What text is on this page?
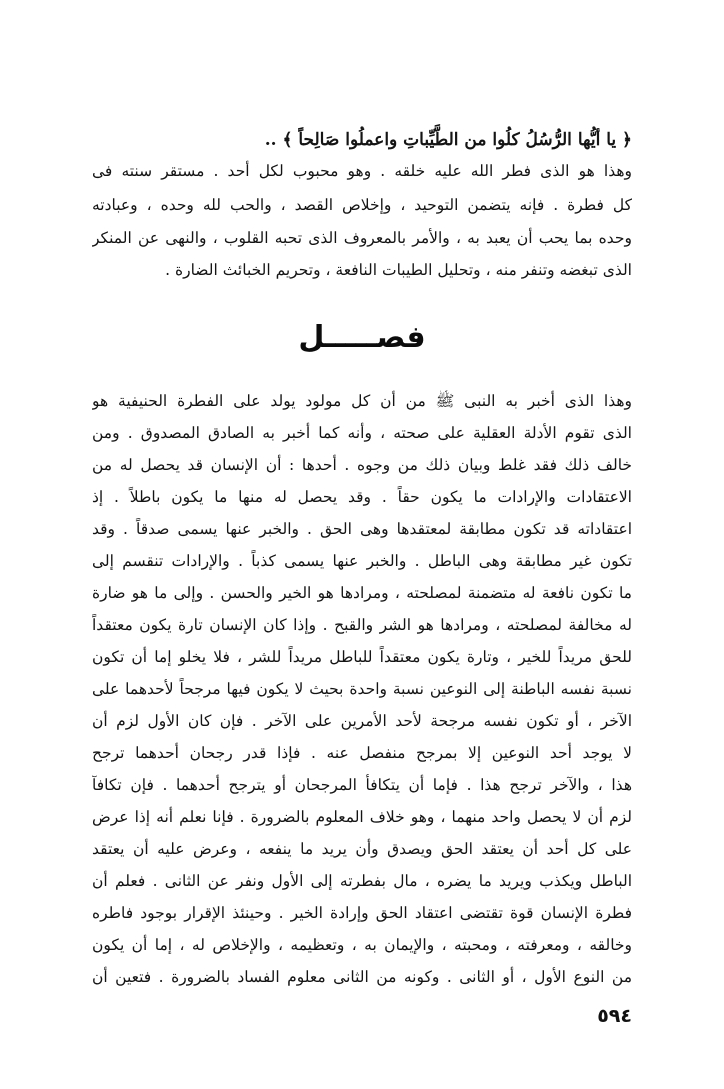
﴿ يا أيُّها الرُّسُلُ كلُوا من الطَّيِّباتِ واعملُوا صَالِحاً ﴾ ..
وهذا هو الذى فطر الله عليه خلقه . وهو محبوب لكل أحد . مستقر سنته فى
كل فطرة . فإنه يتضمن التوحيد ، وإخلاص القصد ، والحب لله وحده ، وعبادته
وحده بما يحب أن يعبد به ، والأمر بالمعروف الذى تحبه القلوب ، والنهى عن المنكر
الذى تبغضه وتنفر منه ، وتحليل الطيبات النافعة ، وتحريم الخبائث الضارة .
فصـــــل
وهذا الذى أخبر به النبى ﷺ من أن كل مولود يولد على الفطرة الحنيفية هو
الذى تقوم الأدلة العقلية على صحته ، وأنه كما أخبر به الصادق المصدوق . ومن
خالف ذلك فقد غلط وبيان ذلك من وجوه . أحدها : أن الإنسان قد يحصل له من
الاعتقادات والإرادات ما يكون حقاً . وقد يحصل له منها ما يكون باطلاً . إذ
اعتقاداته قد تكون مطابقة لمعتقدها وهى الحق . والخبر عنها يسمى صدقاً . وقد
تكون غير مطابقة وهى الباطل . والخبر عنها يسمى كذباً . والإرادات تنقسم إلى
ما تكون نافعة له متضمنة لمصلحته ، ومرادها هو الخير والحسن . وإلى ما هو ضارة
له مخالفة لمصلحته ، ومرادها هو الشر والقبح . وإذا كان الإنسان تارة يكون معتقداً
للحق مريداً للخير ، وتارة يكون معتقداً للباطل مريداً للشر ، فلا يخلو إما أن تكون
نسبة نفسه الباطنة إلى النوعين نسبة واحدة بحيث لا يكون فيها مرجحاً لأحدهما على
الآخر ، أو تكون نفسه مرجحة لأحد الأمرين على الآخر . فإن كان الأول لزم أن
لا يوجد أحد النوعين إلا بمرجح منفصل عنه . فإذا قدر رجحان أحدهما ترجح
هذا ، والآخر ترجح هذا . فإما أن يتكافأ المرجحان أو يترجح أحدهما . فإن تكافآ
لزم أن لا يحصل واحد منهما ، وهو خلاف المعلوم بالضرورة . فإنا نعلم أنه إذا عرض
على كل أحد أن يعتقد الحق ويصدق وأن يريد ما ينفعه ، وعرض عليه أن يعتقد
الباطل ويكذب ويريد ما يضره ، مال بفطرته إلى الأول ونفر عن الثانى . فعلم أن
فطرة الإنسان قوة تقتضى اعتقاد الحق وإرادة الخير . وحينئذ الإقرار بوجود فاطره
وخالقه ، ومعرفته ، ومحبته ، والإيمان به ، وتعظيمه ، والإخلاص له ، إما أن يكون
من النوع الأول ، أو الثانى . وكونه من الثانى معلوم الفساد بالضرورة . فتعين أن
٥٩٤
